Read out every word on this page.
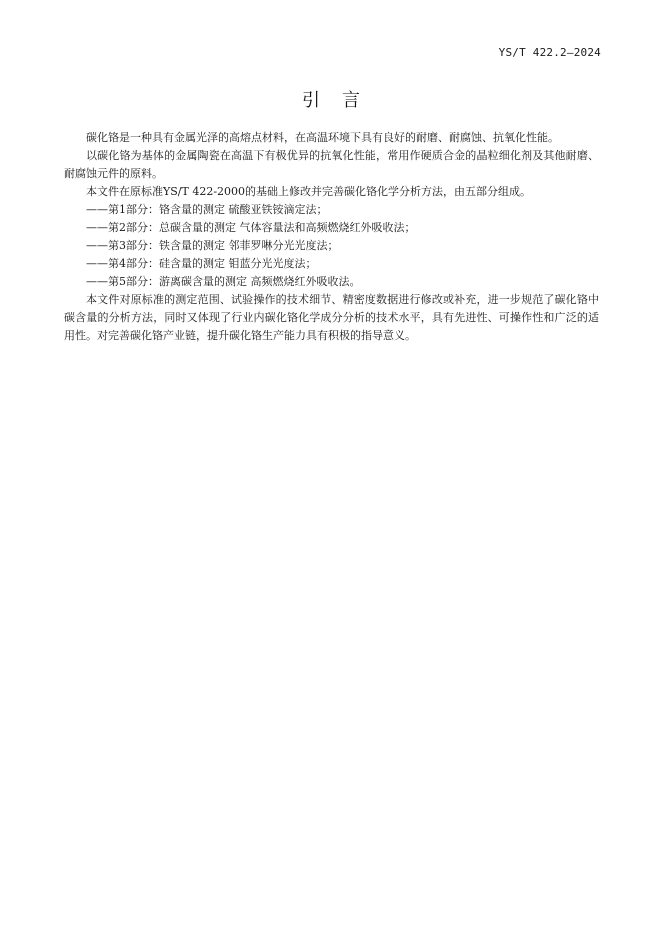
YS/T 422.2—2024
引言

碳化铬是一种具有金属光泽的高熔点材料，在高温环境下具有良好的耐磨、耐腐蚀、抗氧化性能。

以碳化铬为基体的金属陶瓷在高温下有极优异的抗氧化性能，常用作硬质合金的晶粒细化剂及其他耐磨、耐腐蚀元件的原料。

本文件在原标准YS/T 422-2000的基础上修改并完善碳化铬化学分析方法，由五部分组成。

——第1部分：铬含量的测定 硫酸亚铁铵滴定法；

——第2部分：总碳含量的测定 气体容量法和高频燃烧红外吸收法；

——第3部分：铁含量的测定 邻菲罗啉分光光度法；

——第4部分：硅含量的测定 钼蓝分光光度法；

——第5部分：游离碳含量的测定 高频燃烧红外吸收法。

本文件对原标准的测定范围、试验操作的技术细节、精密度数据进行修改或补充，进一步规范了碳化铬中碳含量的分析方法，同时又体现了行业内碳化铬化学成分分析的技术水平，具有先进性、可操作性和广泛的适用性。对完善碳化铬产业链，提升碳化铬生产能力具有积极的指导意义。
